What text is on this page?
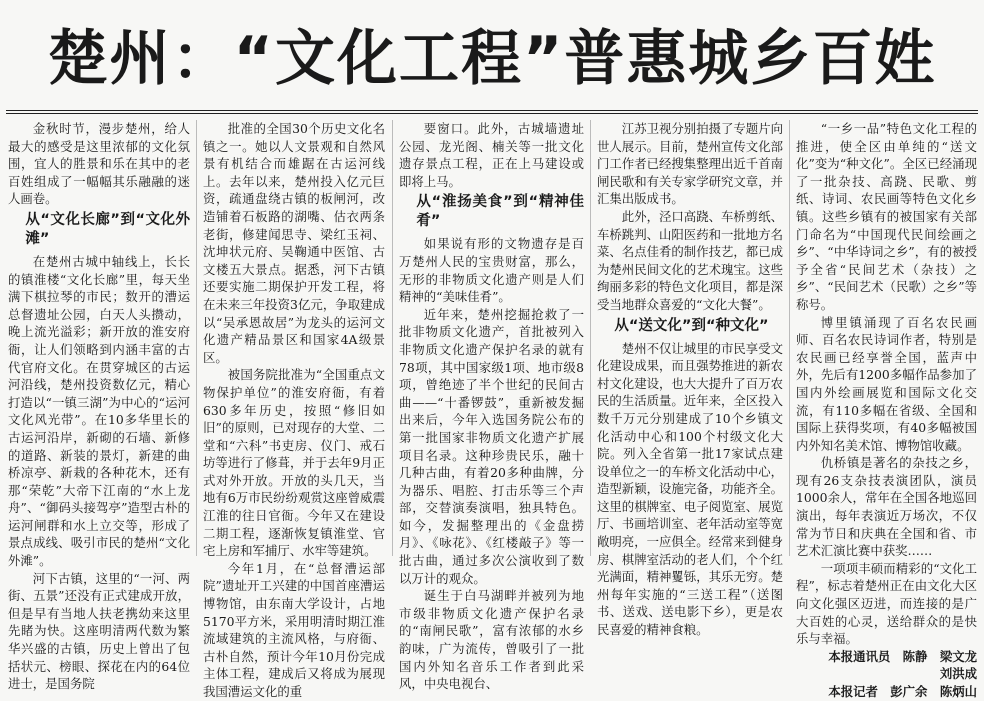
楚州：“文化工程”普惠城乡百姓

金秋时节，漫步楚州，给人最大的感受是这里浓郁的文化氛围，宜人的胜景和乐在其中的老百姓组成了一幅幅其乐融融的迷人画卷。

从“文化长廊”到“文化外滩”

在楚州古城中轴线上，长长的镇淮楼“文化长廊”里，每天坐满下棋拉琴的市民；数开的漕运总督遗址公园，白天人头攒动，晚上流光溢彩；新开放的淮安府衙，让人们领略到内涵丰富的古代官府文化。在贯穿城区的古运河沿线，楚州投资数亿元，精心打造以“一镇三湖”为中心的“运河文化风光带”。在10多华里长的古运河沿岸，新砌的石墙、新修的道路、新装的景灯，新建的曲桥凉亭、新栽的各种花木，还有那“荣乾”大帝下江南的“水上龙舟”、“御码头接驾亭”造型古朴的运河闸群和水上立交等，形成了景点成线、吸引市民的楚州“文化外滩”。

河下古镇，这里的“一河、两街、五景”还没有正式建成开放，但是早有当地人扶老携幼来这里先睹为快。这座明清两代数为繁华兴盛的古镇，历史上曾出了包括状元、榜眼、探花在内的64位进士，是国务院

批准的全国30个历史文化名镇之一。她以人文景观和自然风景有机结合而雄踞在古运河线上。去年以来，楚州投入亿元巨资，疏通盘绕古镇的板闸河，改造铺着石板路的湖嘴、估衣两条老街，修建闻思寺、梁红玉祠、沈坤状元府、吴鞠通中医馆、古文楼五大景点。据悉，河下古镇还要实施二期保护开发工程，将在未来三年投资3亿元，争取建成以“吴承恩故居”为龙头的运河文化遗产精品景区和国家4A级景区。

被国务院批准为“全国重点文物保护单位”的淮安府衙，有着630多年历史，按照“修旧如旧”的原则，已对现存的大堂、二堂和“六科”书吏房、仪门、戒石坊等进行了修葺，并于去年9月正式对外开放。开放的头几天，当地有6万市民纷纷观赏这座曾威震江淮的往日官衙。今年又在建设二期工程，逐渐恢复镇淮堂、官宅上房和军捕厅、水牢等建筑。

今年1月，在“总督漕运部院”遗址开工兴建的中国首座漕运博物馆，由东南大学设计，占地5170平方米，采用明清时期江淮流域建筑的主流风格，与府衙、古朴自然，预计今年10月份完成主体工程，建成后又将成为展现我国漕运文化的重

要窗口。此外，古城墙遗址公园、龙光阁、楠关等一批文化遗存景点工程，正在上马建设或即将上马。

从“淮扬美食”到“精神佳肴”

如果说有形的文物遗存是百万楚州人民的宝贵财富，那么，无形的非物质文化遗产则是人们精神的“美味佳肴”。

近年来，楚州挖掘抢救了一批非物质文化遗产，首批被列入非物质文化遗产保护名录的就有78项，其中国家级1项、地市级8项，曾绝迹了半个世纪的民间古曲——“十番锣鼓”，重新被发掘出来后，今年入选国务院公布的第一批国家非物质文化遗产扩展项目名录。这种珍贵民乐，融十几种古曲，有着20多种曲牌，分为器乐、唱腔、打击乐等三个声部，交替演奏演唱，独具特色。如今，发掘整理出的《金盘捞月》、《咏花》、《红楼敲子》等一批古曲，通过多次公演收到了数以万计的观众。

诞生于白马湖畔并被列为地市级非物质文化遗产保护名录的“南闸民歌”，富有浓郁的水乡韵味，广为流传，曾吸引了一批国内外知名音乐工作者到此采风，中央电视台、

江苏卫视分别拍摄了专题片向世人展示。目前，楚州宣传文化部门工作者已经搜集整理出近千首南闸民歌和有关专家学研究文章，并汇集出版成书。

此外，泾口高跷、车桥剪纸、车桥跳判、山阳医药和一批地方名菜、名点佳肴的制作技艺，都已成为楚州民间文化的艺术瑰宝。这些绚丽多彩的特色文化项目，都是深受当地群众喜爱的“文化大餐”。

从“送文化”到“种文化”

楚州不仅让城里的市民享受文化建设成果，而且强势推进的新农村文化建设，也大大提升了百万农民的生活质量。近年来，全区投入数千万元分别建成了10个乡镇文化活动中心和100个村级文化大院。列入全省第一批17家试点建设单位之一的车桥文化活动中心，造型新颖，设施完备，功能齐全。这里的棋牌室、电子阅览室、展览厅、书画培训室、老年活动室等宽敞明亮，一应俱全。经常来到健身房、棋牌室活动的老人们，个个红光满面，精神矍铄，其乐无穷。楚州每年实施的“三送工程”（送图书、送戏、送电影下乡），更是农民喜爱的精神食粮。

“一乡一品”特色文化工程的推进，使全区由单纯的“送文化”变为“种文化”。全区已经涌现了一批杂技、高跷、民歌、剪纸、诗词、农民画等特色文化乡镇。这些乡镇有的被国家有关部门命名为“中国现代民间绘画之乡”、“中华诗词之乡”，有的被授予全省“民间艺术（杂技）之乡”、“民间艺术（民歌）之乡”等称号。

博里镇涌现了百名农民画师、百名农民诗词作者，特别是农民画已经享誉全国，蓝声中外，先后有1200多幅作品参加了国内外绘画展览和国际文化交流，有110多幅在省级、全国和国际上获得奖项，有40多幅被国内外知名美术馆、博物馆收藏。

仇桥镇是著名的杂技之乡，现有26支杂技表演团队，演员1000余人，常年在全国各地巡回演出，每年表演近万场次，不仅常为节日和庆典在全国和省、市艺术汇演比赛中获奖……

一项项丰硕而精彩的“文化工程”，标志着楚州正在由文化大区向文化强区迈进，而连接的是广大百姓的心灵，送给群众的是快乐与幸福。

本报通讯员　陈静　梁文龙
刘洪成
本报记者　彭广余　陈炳山
